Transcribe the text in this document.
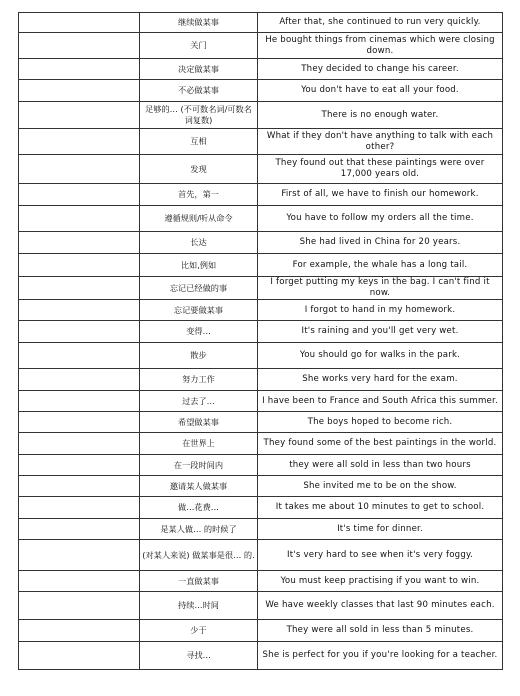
	继续做某事	After that, she continued to run very quickly.
	关门	He bought things from cinemas which were closing down.
	决定做某事	They decided to change his career.
	不必做某事	You don't have to eat all your food.
	足够的… (不可数名词/可数名词复数)	There is no enough water.
	互相	What if they don't have anything to talk with each other?
	发现	They found out that these paintings were over 17,000 years old.
	首先，第一	First of all, we have to finish our homework.
	遵循规则/听从命令	You have to follow my orders all the time.
	长达	She had lived in China for 20 years.
	比如,例如	For example, the whale has a long tail.
	忘记已经做的事	I forget putting my keys in the bag. I can't find it now.
	忘记要做某事	I forgot to hand in my homework.
	变得…	It's raining and you'll get very wet.
	散步	You should go for walks in the park.
	努力工作	She works very hard for the exam.
	过去了…	I have been to France and South Africa this summer.
	希望做某事	The boys hoped to become rich.
	在世界上	They found some of the best paintings in the world.
	在一段时间内	they were all sold in less than two hours
	邀请某人做某事	She invited me to be on the show.
	做…花费…	It takes me about 10 minutes to get to school.
	是某人做… 的时候了	It's time for dinner.
	(对某人来说) 做某事是很… 的.	It's very hard to see when it's very foggy.
	一直做某事	You must keep practising if you want to win.
	持续…时间	We have weekly classes that last 90 minutes each.
	少于	They were all sold in less than 5 minutes.
	寻找…	She is perfect for you if you're looking for a teacher.
